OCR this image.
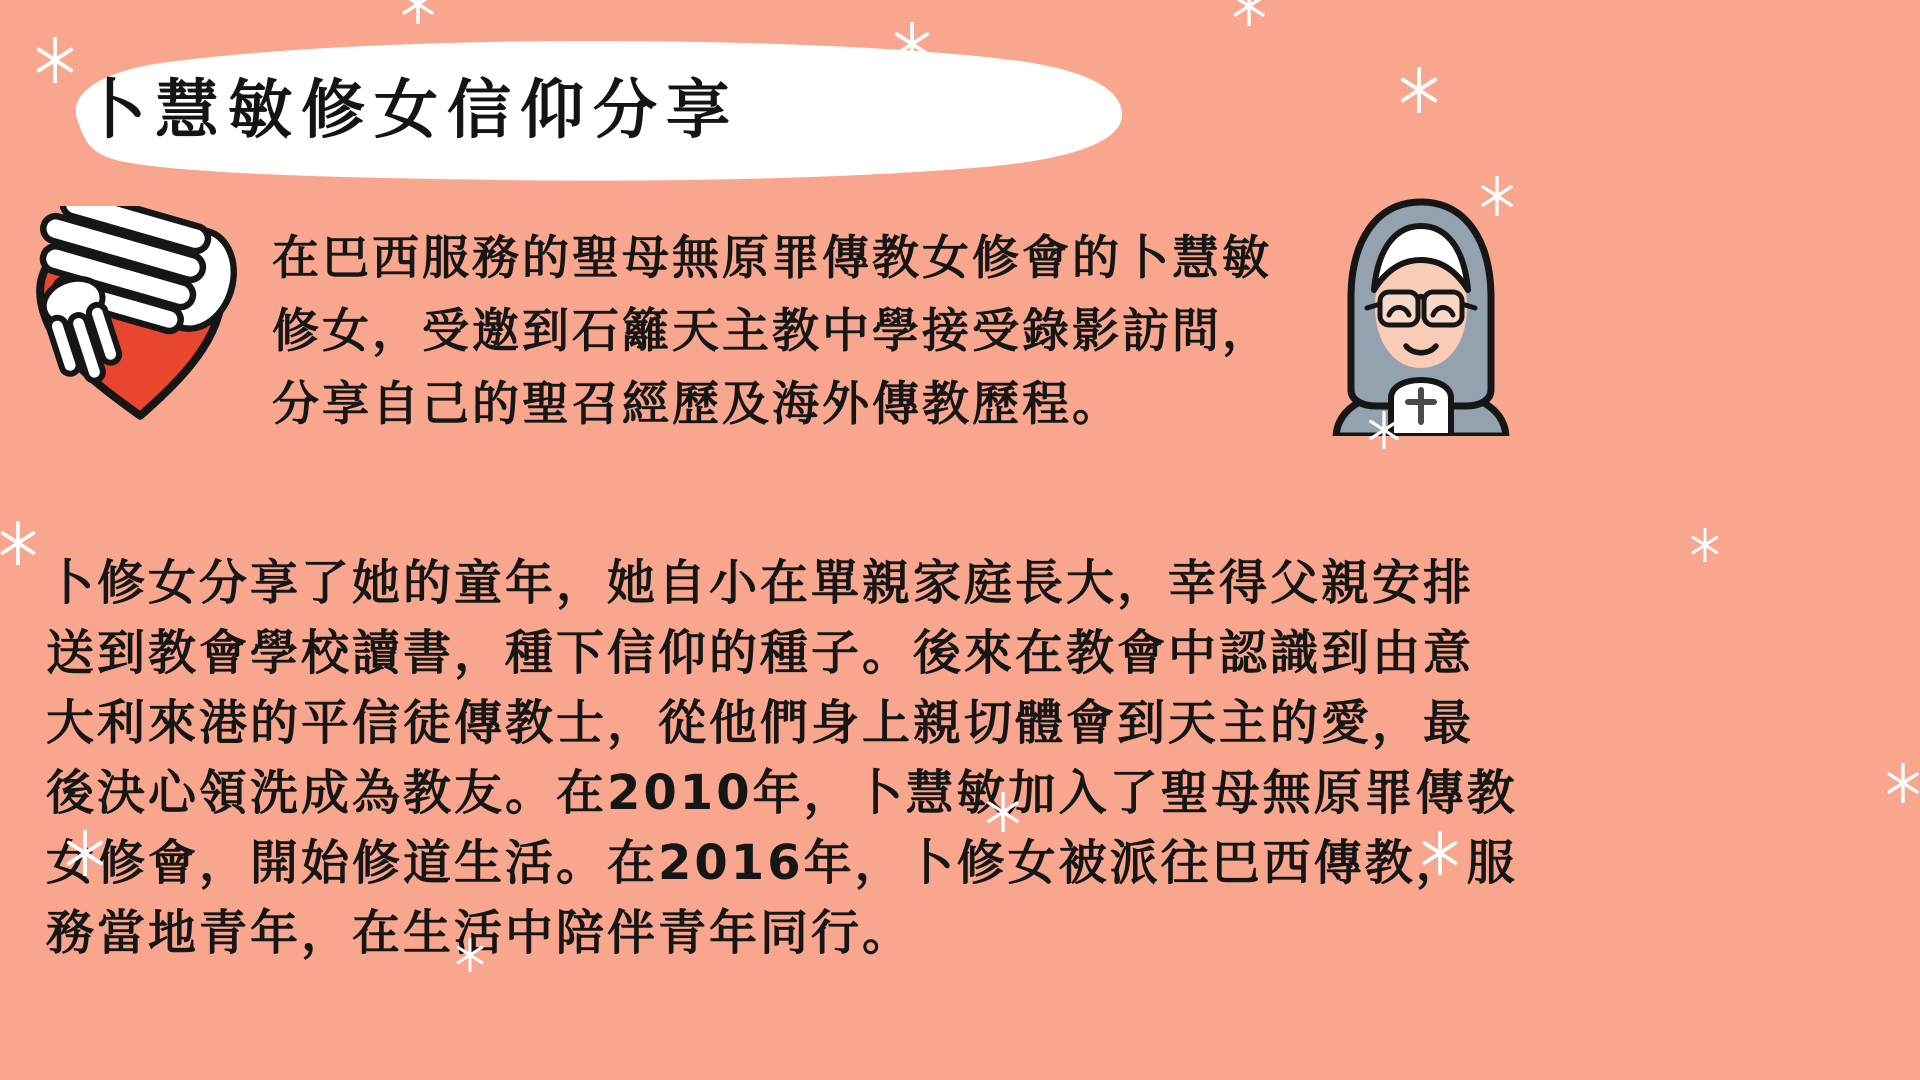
卜慧敏修女信仰分享
在巴西服務的聖母無原罪傳教女修會的卜慧敏
修女，受邀到石籬天主教中學接受錄影訪問，
分享自己的聖召經歷及海外傳教歷程。
卜修女分享了她的童年，她自小在單親家庭長大，幸得父親安排
送到教會學校讀書，種下信仰的種子。後來在教會中認識到由意
大利來港的平信徒傳教士，從他們身上親切體會到天主的愛，最
後決心領洗成為教友。在2010年，卜慧敏加入了聖母無原罪傳教
女修會，開始修道生活。在2016年，卜修女被派往巴西傳教，服
務當地青年，在生活中陪伴青年同行。
